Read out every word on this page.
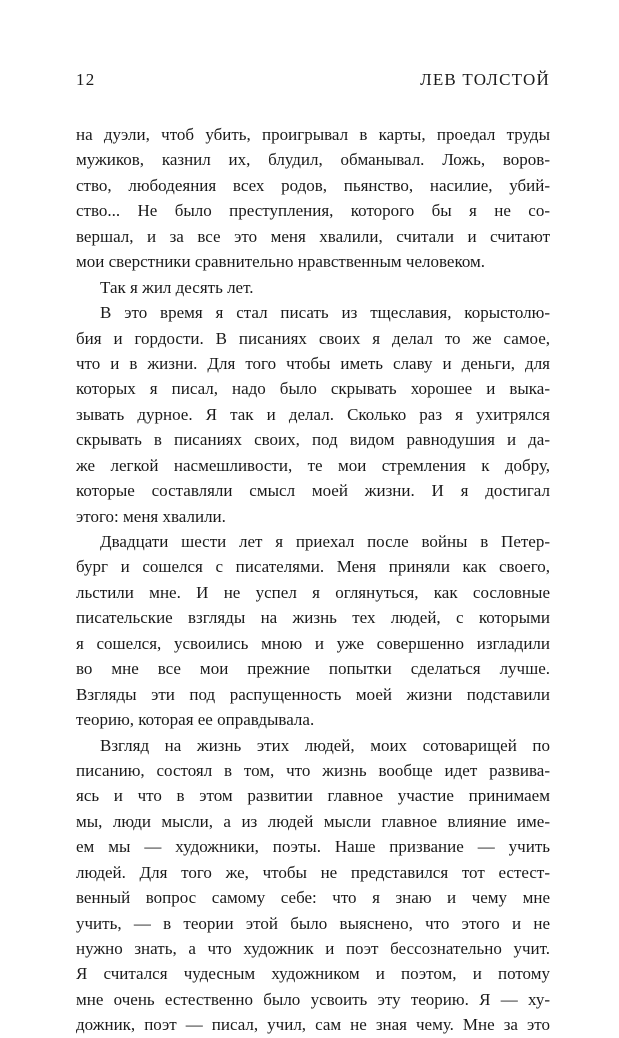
12	ЛЕВ ТОЛСТОЙ
на дуэли, чтоб убить, проигрывал в карты, проедал труды
мужиков, казнил их, блудил, обманывал. Ложь, воров-
ство, любодеяния всех родов, пьянство, насилие, убий-
ство... Не было преступления, которого бы я не со-
вершал, и за все это меня хвалили, считали и считают
мои сверстники сравнительно нравственным человеком.
Так я жил десять лет.
В это время я стал писать из тщеславия, корыстолю-
бия и гордости. В писаниях своих я делал то же самое,
что и в жизни. Для того чтобы иметь славу и деньги, для
которых я писал, надо было скрывать хорошее и выка-
зывать дурное. Я так и делал. Сколько раз я ухитрялся
скрывать в писаниях своих, под видом равнодушия и да-
же легкой насмешливости, те мои стремления к добру,
которые составляли смысл моей жизни. И я достигал
этого: меня хвалили.
Двадцати шести лет я приехал после войны в Петер-
бург и сошелся с писателями. Меня приняли как своего,
льстили мне. И не успел я оглянуться, как сословные
писательские взгляды на жизнь тех людей, с которыми
я сошелся, усвоились мною и уже совершенно изгладили
во мне все мои прежние попытки сделаться лучше.
Взгляды эти под распущенность моей жизни подставили
теорию, которая ее оправдывала.
Взгляд на жизнь этих людей, моих сотоварищей по
писанию, состоял в том, что жизнь вообще идет развива-
ясь и что в этом развитии главное участие принимаем
мы, люди мысли, а из людей мысли главное влияние име-
ем мы — художники, поэты. Наше призвание — учить
людей. Для того же, чтобы не представился тот естест-
венный вопрос самому себе: что я знаю и чему мне
учить, — в теории этой было выяснено, что этого и не
нужно знать, а что художник и поэт бессознательно учит.
Я считался чудесным художником и поэтом, и потому
мне очень естественно было усвоить эту теорию. Я — ху-
дожник, поэт — писал, учил, сам не зная чему. Мне за это
